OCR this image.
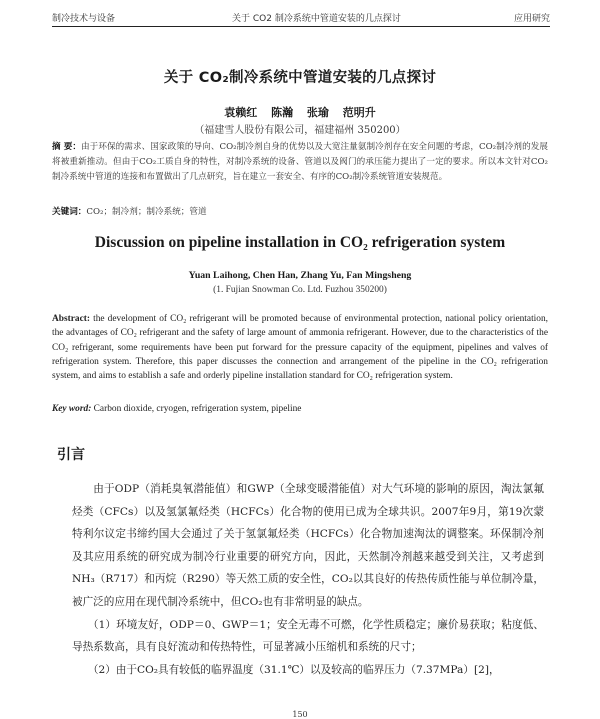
制冷技术与设备	关于 CO2 制冷系统中管道安装的几点探讨	应用研究
关于 CO₂制冷系统中管道安装的几点探讨
袁赖红 陈瀚 张瑜 范明升
（福建雪人股份有限公司，福建福州 350200）
摘 要：由于环保的需求、国家政策的导向、CO₂制冷剂自身的优势以及大宽注量氨制冷剂存在安全问题的考虑，CO₂制冷剂的发展将被重新推动。但由于CO₂工质自身的特性，对制冷系统的设备、管道以及阀门的承压能力提出了一定的要求。所以本文针对CO₂制冷系统中管道的连接和布置做出了几点研究，旨在建立一套安全、有序的CO₂制冷系统管道安装规范。
关键词：CO₂；制冷剂；制冷系统；管道
Discussion on pipeline installation in CO₂ refrigeration system
Yuan Laihong, Chen Han, Zhang Yu, Fan Mingsheng
(1. Fujian Snowman Co. Ltd. Fuzhou 350200)
Abstract: the development of CO₂ refrigerant will be promoted because of environmental protection, national policy orientation, the advantages of CO₂ refrigerant and the safety of large amount of ammonia refrigerant. However, due to the characteristics of the CO₂ refrigerant, some requirements have been put forward for the pressure capacity of the equipment, pipelines and valves of refrigeration system. Therefore, this paper discusses the connection and arrangement of the pipeline in the CO₂ refrigeration system, and aims to establish a safe and orderly pipeline installation standard for CO₂ refrigeration system.
Key word: Carbon dioxide, cryogen, refrigeration system, pipeline
引言

由于ODP（消耗臭氧潜能值）和GWP（全球变暖潜能值）对大气环境的影响的原因，淘汰氯氟烃类（CFCs）以及氢氯氟烃类（HCFCs）化合物的使用已成为全球共识。2007年9月，第19次蒙特利尔议定书缔约国大会通过了关于氢氯氟烃类（HCFCs）化合物加速淘汰的调整案。环保制冷剂及其应用系统的研究成为制冷行业重要的研究方向，因此，天然制冷剂越来越受到关注，又考虑到NH₃（R717）和丙烷（R290）等天然工质的安全性，CO₂以其良好的传热传质性能与单位制冷量，被广泛的应用在现代制冷系统中，但CO₂也有非常明显的缺点。

（1）环境友好，ODP＝0、GWP＝1；安全无毒不可燃，化学性质稳定；廉价易获取；粘度低、导热系数高，具有良好流动和传热特性，可显著减小压缩机和系统的尺寸；

（2）由于CO₂具有较低的临界温度（31.1℃）以及较高的临界压力（7.37MPa）[2]，

150
